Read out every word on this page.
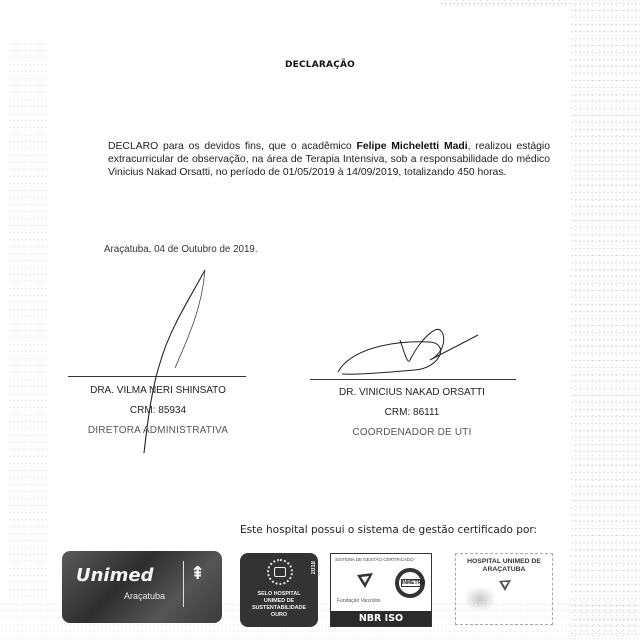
DECLARAÇÃO
DECLARO para os devidos fins, que o acadêmico Felipe Micheletti Madi, realizou estágio extracurricular de observação, na área de Terapia Intensiva, sob a responsabilidade do médico Vinicius Nakad Orsatti, no período de 01/05/2019 à 14/09/2019, totalizando 450 horas.
Araçatuba, 04 de Outubro de 2019.
DRA. VILMA NERI SHINSATO
CRM: 85934
DIRETORA ADMINISTRATIVA
DR. VINICIUS NAKAD ORSATTI
CRM: 86111
COORDENADOR DE UTI
Este hospital possui o sistema de gestão certificado por:
Unimed ⇞
Araçatuba
2018
SELO HOSPITAL
UNIMED DE
SUSTENTABILIDADE
OURO
SISTEMA DE GESTÃO CERTIFICADO
Fundação Vanzolini
INMETRO
NBR ISO 9001:2015
HOSPITAL UNIMED DE
ARAÇATUBA
